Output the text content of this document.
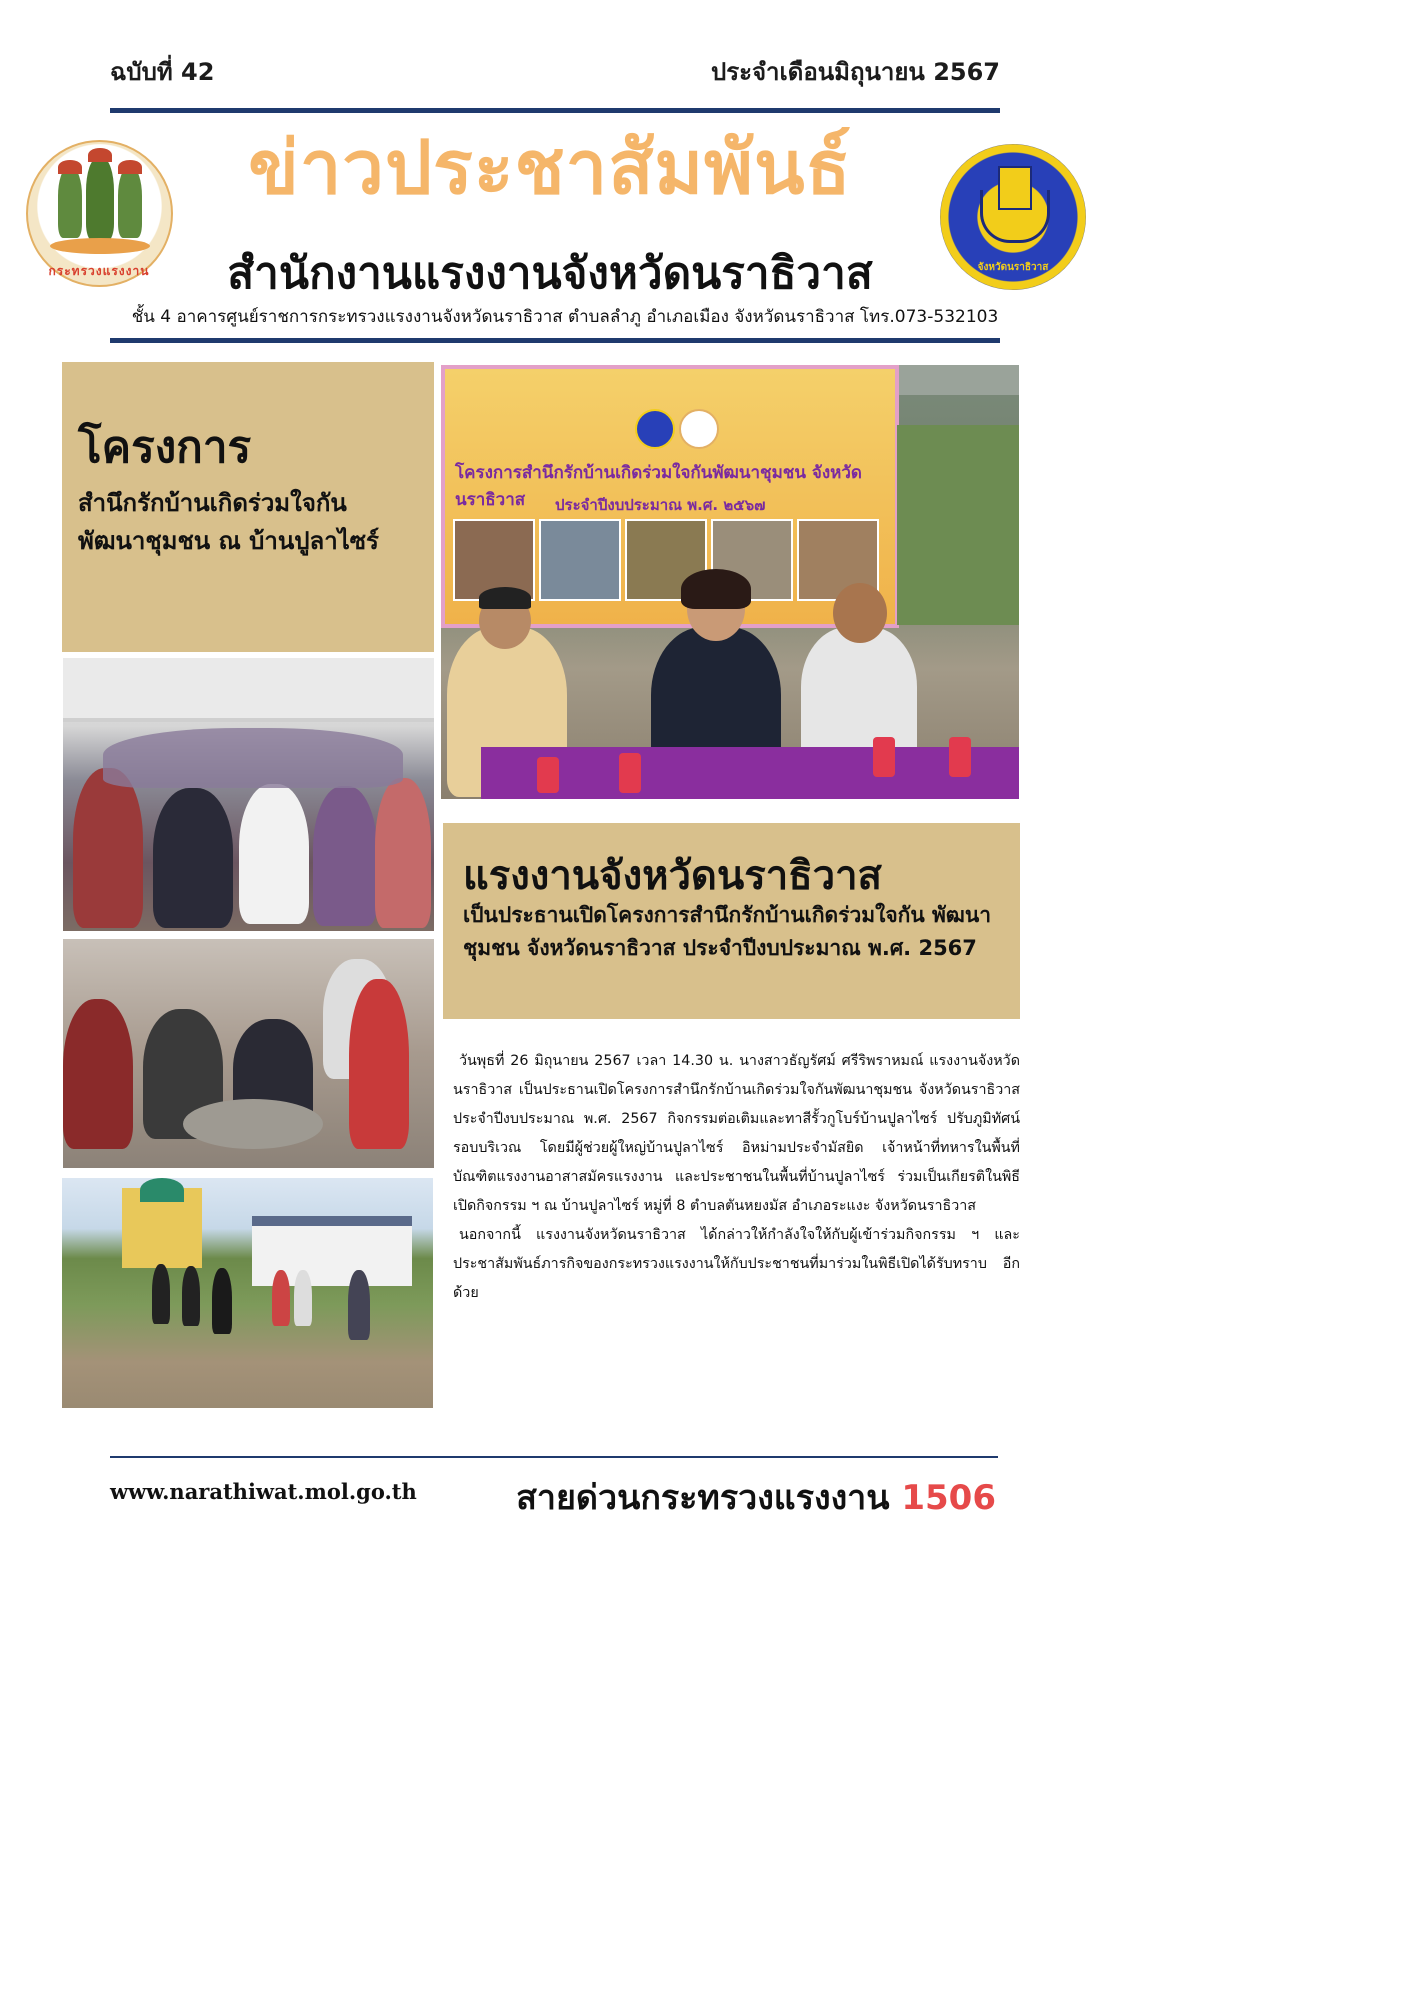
ฉบับที่ 42	ประจำเดือนมิถุนายน 2567
กระทรวงแรงงาน
ข่าวประชาสัมพันธ์
สำนักงานแรงงานจังหวัดนราธิวาส	จังหวัดนราธิวาส
ชั้น 4 อาคารศูนย์ราชการกระทรวงแรงงานจังหวัดนราธิวาส ตำบลลำภู อำเภอเมือง จังหวัดนราธิวาส โทร.073-532103
โครงการ
สำนึกรักบ้านเกิดร่วมใจกัน
พัฒนาชุมชน ณ บ้านปูลาไซร์
โครงการสำนึกรักบ้านเกิดร่วมใจกันพัฒนาชุมชน จังหวัดนราธิวาส	ประจำปีงบประมาณ พ.ศ. ๒๕๖๗
แรงงานจังหวัดนราธิวาส
เป็นประธานเปิดโครงการสำนึกรักบ้านเกิดร่วมใจกัน พัฒนาชุมชน จังหวัดนราธิวาส ประจำปีงบประมาณ พ.ศ. 2567

วันพุธที่ 26 มิถุนายน 2567 เวลา 14.30 น. นางสาวธัญรัศม์ ศรีริพราหมณ์ แรงงานจังหวัดนราธิวาส เป็นประธานเปิดโครงการสำนึกรักบ้านเกิดร่วมใจกันพัฒนาชุมชน จังหวัดนราธิวาส ประจำปีงบประมาณ พ.ศ. 2567 กิจกรรมต่อเติมและทาสีรั้วกูโบร์บ้านปูลาไซร์ ปรับภูมิทัศน์รอบบริเวณ โดยมีผู้ช่วยผู้ใหญ่บ้านปูลาไซร์ อิหม่ามประจำมัสยิด เจ้าหน้าที่ทหารในพื้นที่ บัณฑิตแรงงานอาสาสมัครแรงงาน และประชาชนในพื้นที่บ้านปูลาไซร์ ร่วมเป็นเกียรติในพิธีเปิดกิจกรรม ฯ ณ บ้านปูลาไซร์ หมู่ที่ 8 ตำบลตันหยงมัส อำเภอระแงะ จังหวัดนราธิวาส

นอกจากนี้ แรงงานจังหวัดนราธิวาส ได้กล่าวให้กำลังใจให้กับผู้เข้าร่วมกิจกรรม ฯ และประชาสัมพันธ์ภารกิจของกระทรวงแรงงานให้กับประชาชนที่มาร่วมในพิธีเปิดได้รับทราบ อีกด้วย

www.narathiwat.mol.go.th	สายด่วนกระทรวงแรงงาน 1506
